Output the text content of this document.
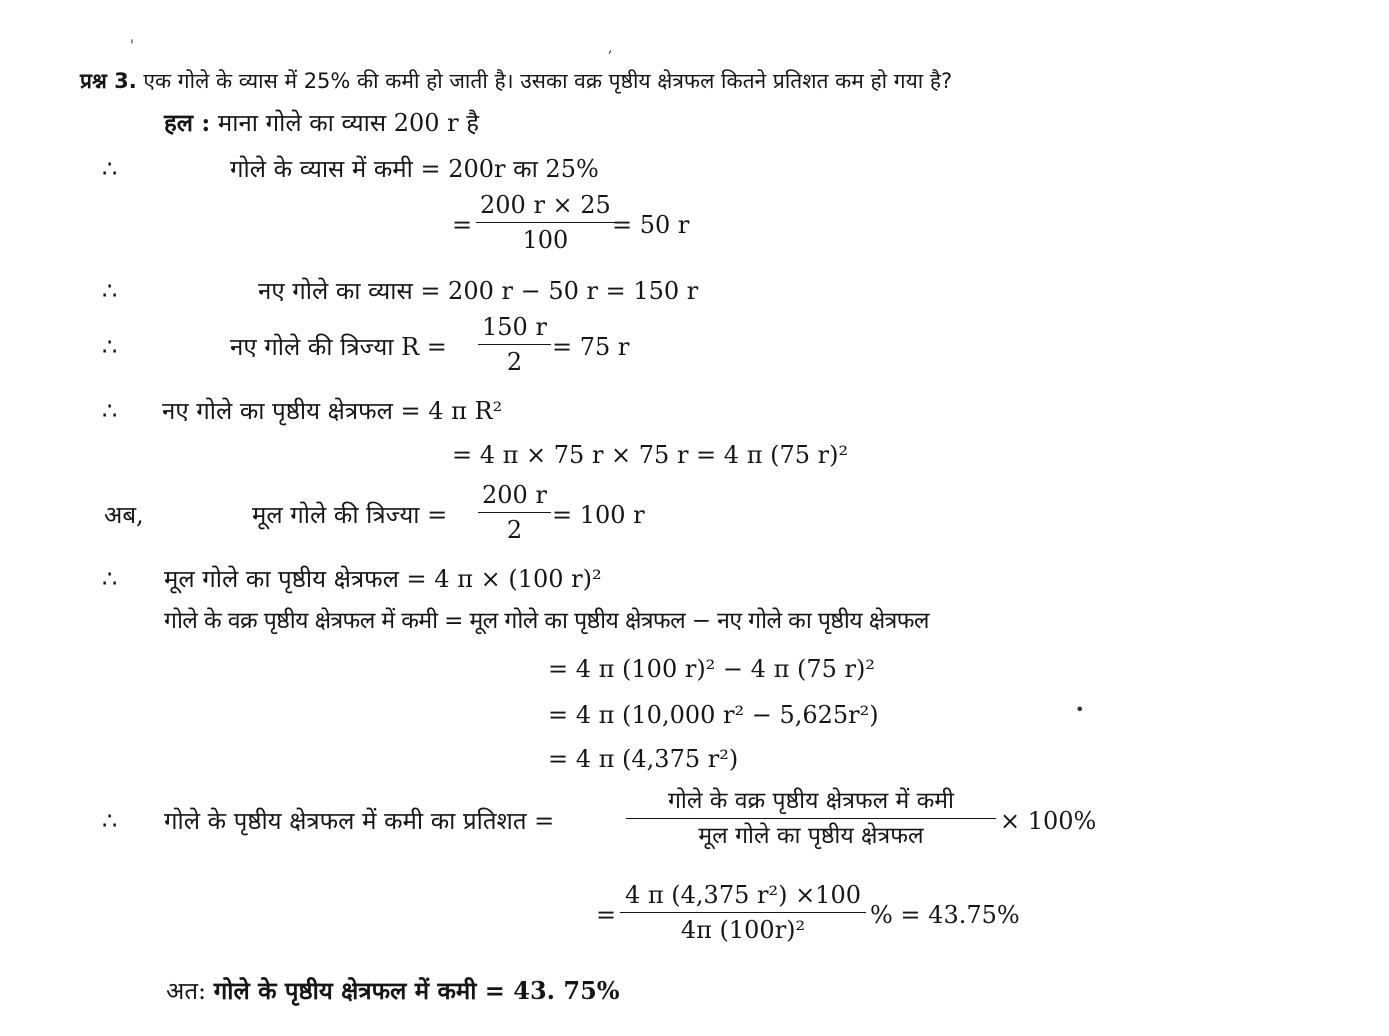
'	,
•
प्रश्न 3. एक गोले के व्यास में 25% की कमी हो जाती है। उसका वक्र पृष्ठीय क्षेत्रफल कितने प्रतिशत कम हो गया है?
हल : माना गोले का व्यास 200 r है
∴	गोले के व्यास में कमी = 200r का 25%
= $\frac{200 r \times 25}{100}$
= 50 r
∴	नए गोले का व्यास = 200 r − 50 r = 150 r
∴	नए गोले की त्रिज्या $R = \frac{150 r}{2} = 75$ r
∴ नए गोले का पृष्ठीय क्षेत्रफल = 4 π R²
= 4 π × 75 r × 75 r = 4 π (75 r)²
अब,	मूल गोले की त्रिज्या = $\frac{200 r}{2} = 100$ r
∴ मूल गोले का पृष्ठीय क्षेत्रफल = 4 π × (100 r)²
गोले के वक्र पृष्ठीय क्षेत्रफल में कमी = मूल गोले का पृष्ठीय क्षेत्रफल − नए गोले का पृष्ठीय क्षेत्रफल
= 4 π (100 r)² − 4 π (75 r)²
= 4 π (10,000 r² − 5,625r²)
= 4 π (4,375 r²)
∴ गोले के पृष्ठीय क्षेत्रफल में कमी का प्रतिशत =
गोले के वक्र पृष्ठीय क्षेत्रफल में कमी
मूल गोले का पृष्ठीय क्षेत्रफल
× 100%
= $\frac{\text{4 π (4,375 r²) ×100}}{\text{4π (100r)²}}$ % = 43.75%
अत: गोले के पृष्ठीय क्षेत्रफल में कमी = 43. 75%
